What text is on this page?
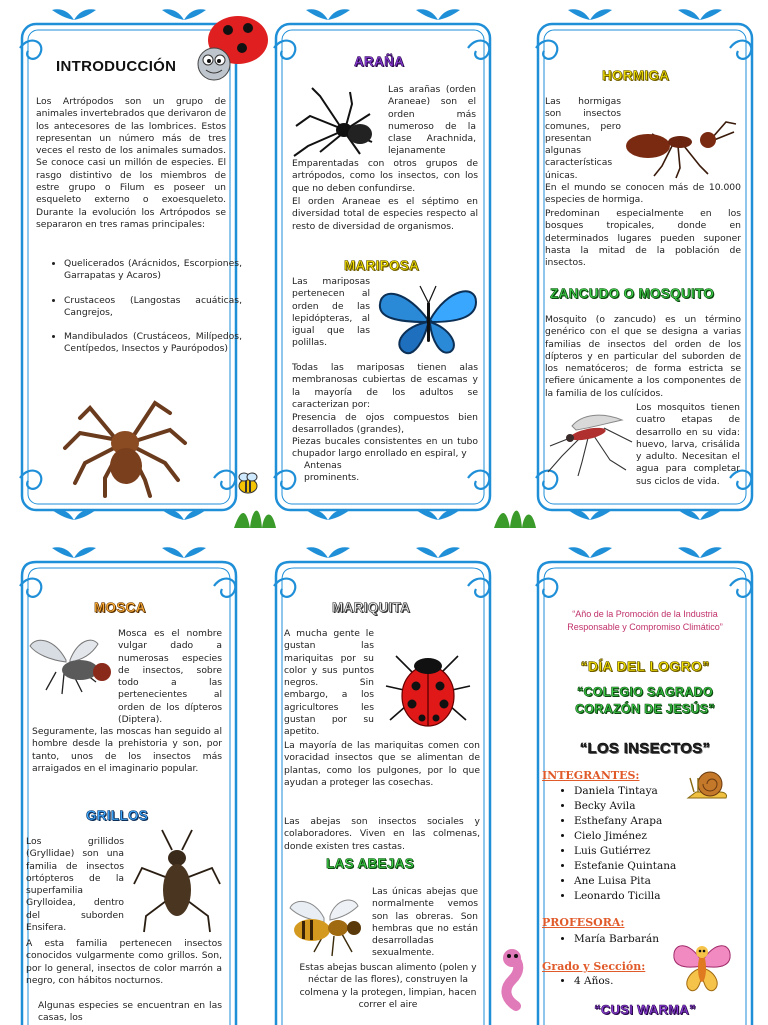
INTRODUCCIÓN
Los Artrópodos son un grupo de animales invertebrados que derivaron de los antecesores de las lombrices. Estos representan un número más de tres veces el resto de los animales sumados. Se conoce casi un millón de especies. El rasgo distintivo de los miembros de estre grupo o Filum es poseer un esqueleto externo o exoesqueleto. Durante la evolución los Artrópodos se separaron en tres ramas principales:
• Quelicerados (Arácnidos, Escorpiones, Garrapatas y Acaros)
• Crustaceos (Langostas acuáticas, Cangrejos,
• Mandibulados (Crustáceos, Milípedos, Centípedos, Insectos y Paurópodos)
ARAÑA
Las arañas (orden Araneae) son el orden más numeroso de la clase Arachnida, lejanamente
Emparentadas con otros grupos de artrópodos, como los insectos, con los que no deben confundirse.
El orden Araneae es el séptimo en diversidad total de especies respecto al resto de diversidad de organismos.
MARIPOSA
Las mariposas pertenecen al orden de las lepidópteras, al igual que las polillas.
Todas las mariposas tienen alas membranosas cubiertas de escamas y la mayoría de los adultos se caracterizan por:
Presencia de ojos compuestos bien desarrollados (grandes),
Piezas bucales consistentes en un tubo chupador largo enrollado en espiral, y
Antenas prominents.
HORMIGA
Las hormigas son insectos comunes, pero presentan algunas características únicas.
En el mundo se conocen más de 10.000 especies de hormiga.
Predominan especialmente en los bosques tropicales, donde en determinados lugares pueden suponer hasta la mitad de la población de insectos.
ZANCUDO O MOSQUITO
Mosquito (o zancudo) es un término genérico con el que se designa a varias familias de insectos del orden de los dípteros y en particular del suborden de los nematóceros; de forma estricta se refiere únicamente a los componentes de la familia de los culícidos.
Los mosquitos tienen cuatro etapas de desarrollo en su vida: huevo, larva, crisálida y adulto. Necesitan el agua para completar sus ciclos de vida.
MOSCA
Mosca es el nombre vulgar dado a numerosas especies de insectos, sobre todo a las pertenecientes al orden de los dípteros (Diptera).
Seguramente, las moscas han seguido al hombre desde la prehistoria y son, por tanto, unos de los insectos más arraigados en el imaginario popular.
GRILLOS
Los grillidos (Gryllidae) son una familia de insectos ortópteros de la superfamilia Grylloidea, dentro del suborden Ensifera.
A esta familia pertenecen insectos conocidos vulgarmente como grillos. Son, por lo general, insectos de color marrón a negro, con hábitos nocturnos.
Algunas especies se encuentran en las casas, los
MARIQUITA
A mucha gente le gustan las mariquitas por su color y sus puntos negros. Sin embargo, a los agricultores les gustan por su apetito.
La mayoría de las mariquitas comen con voracidad insectos que se alimentan de plantas, como los pulgones, por lo que ayudan a proteger las cosechas.
Las abejas son insectos sociales y colaboradores. Viven en las colmenas, donde existen tres castas.
LAS ABEJAS
Las únicas abejas que normalmente vemos son las obreras. Son hembras que no están desarrolladas sexualmente.
Estas abejas buscan alimento (polen y néctar de las flores), construyen la colmena y la protegen, limpian, hacen correr el aire
“Año de la Promoción de la Industria Responsable y Compromiso Climático”
“DÍA DEL LOGRO”
“COLEGIO SAGRADO CORAZÓN DE JESÚS”
“LOS INSECTOS”
INTEGRANTES:
• Daniela Tintaya
• Becky Avila
• Esthefany Arapa
• Cielo Jiménez
• Luis Gutiérrez
• Estefanie Quintana
• Ane Luisa Pita
• Leonardo Ticilla
PROFESORA:
• María Barbarán
Grado y Sección:
• 4 Años.
“CUSI WARMA”
